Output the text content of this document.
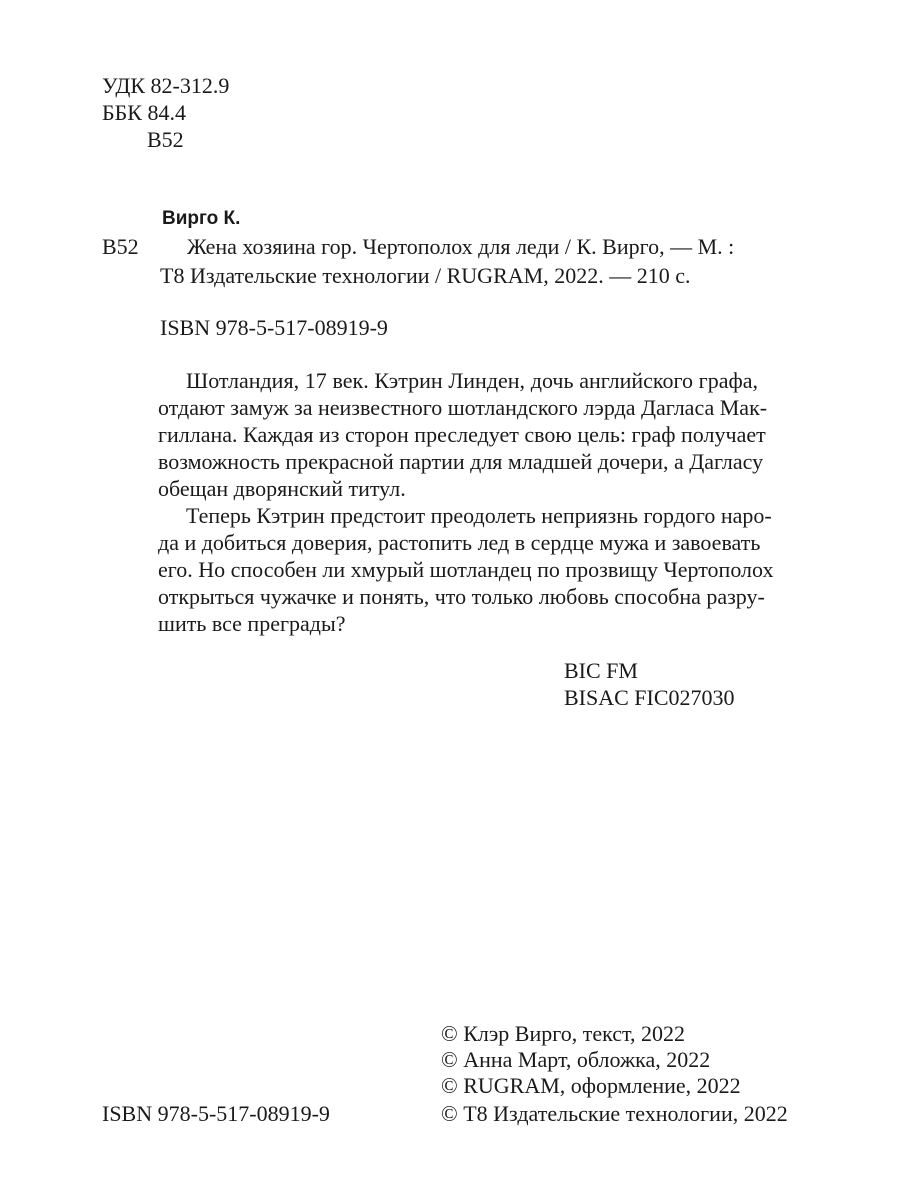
УДК 82-312.9
ББК 84.4
В52
Вирго К.
В52 Жена хозяина гор. Чертополох для леди / К. Вирго, — М. :
Т8 Издательские технологии / RUGRAM, 2022. — 210 с.
ISBN 978-5-517-08919-9
Шотландия, 17 век. Кэтрин Линден, дочь английского графа,
отдают замуж за неизвестного шотландского лэрда Дагласа Мак-
гиллана. Каждая из сторон преследует свою цель: граф получает
возможность прекрасной партии для младшей дочери, а Дагласу
обещан дворянский титул.
Теперь Кэтрин предстоит преодолеть неприязнь гордого наро-
да и добиться доверия, растопить лед в сердце мужа и завоевать
его. Но способен ли хмурый шотландец по прозвищу Чертополох
открыться чужачке и понять, что только любовь способна разру-
шить все преграды?
BIC FM
BISAC FIC027030
ISBN 978-5-517-08919-9
© Клэр Вирго, текст, 2022
© Анна Март, обложка, 2022
© RUGRAM, оформление, 2022
© Т8 Издательские технологии, 2022
